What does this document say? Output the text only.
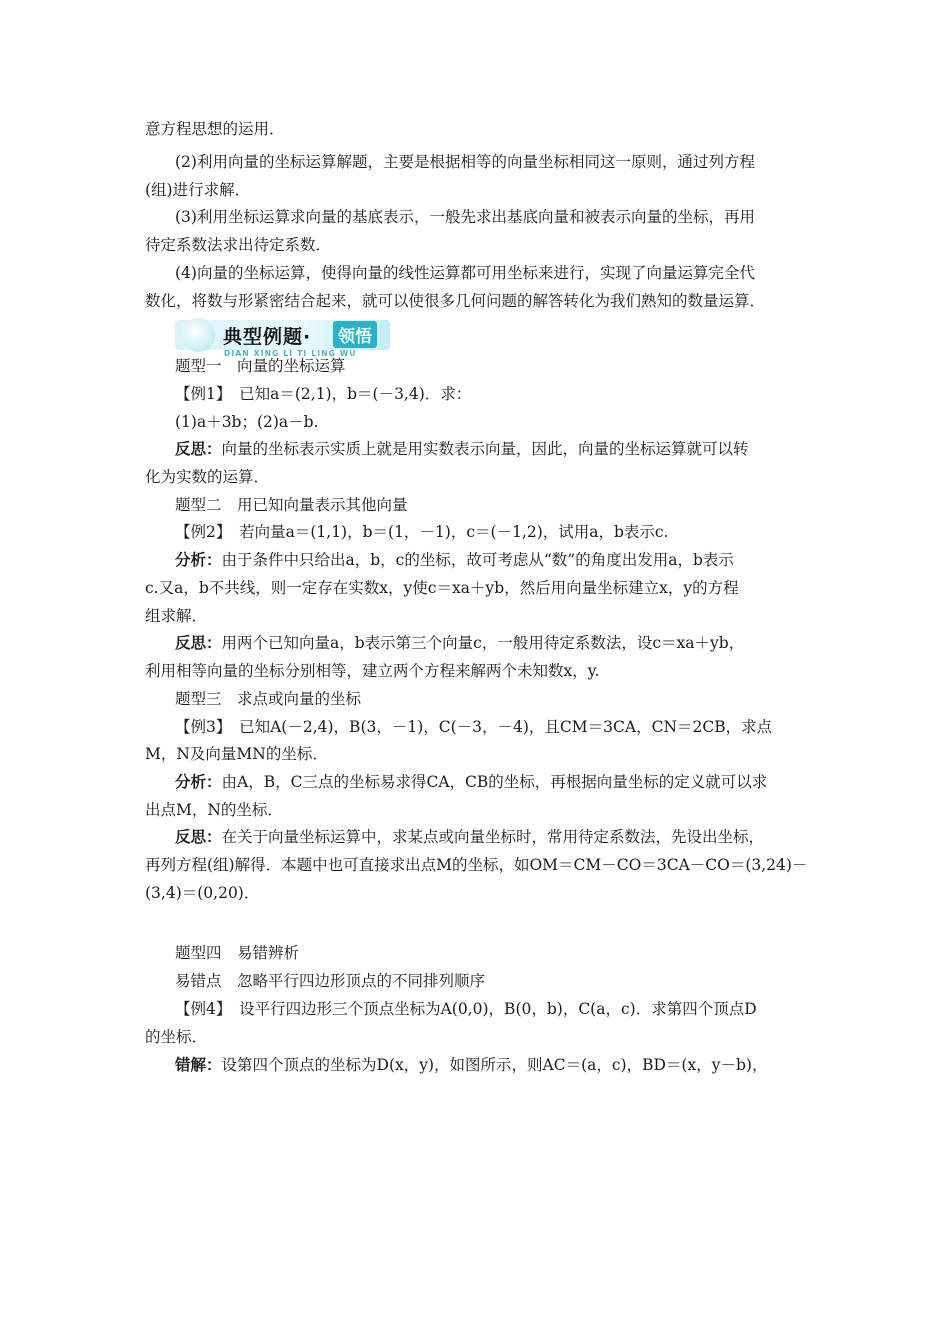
意方程思想的运用．
(2)利用向量的坐标运算解题，主要是根据相等的向量坐标相同这一原则，通过列方程
(组)进行求解．
(3)利用坐标运算求向量的基底表示，一般先求出基底向量和被表示向量的坐标，再用
待定系数法求出待定系数．
(4)向量的坐标运算，使得向量的线性运算都可用坐标来进行，实现了向量运算完全代
数化，将数与形紧密结合起来，就可以使很多几何问题的解答转化为我们熟知的数量运算．
典型例题· 领悟
DIAN XING LI TI LING WU
题型一　向量的坐标运算
【例1】　已知a＝(2,1)，b＝(－3,4)．求：
(1)a＋3b；(2)a－b.
反思：向量的坐标表示实质上就是用实数表示向量，因此，向量的坐标运算就可以转
化为实数的运算．
题型二　用已知向量表示其他向量
【例2】　若向量a＝(1,1)，b＝(1，－1)，c＝(－1,2)，试用a，b表示c.
分析：由于条件中只给出a，b，c的坐标，故可考虑从“数”的角度出发用a，b表示
c.又a，b不共线，则一定存在实数x，y使c＝xa＋yb，然后用向量坐标建立x，y的方程
组求解．
反思：用两个已知向量a，b表示第三个向量c，一般用待定系数法，设c＝xa＋yb，
利用相等向量的坐标分别相等，建立两个方程来解两个未知数x，y.
题型三　求点或向量的坐标
【例3】　已知A(－2,4)，B(3，－1)，C(－3，－4)，且CM＝3CA，CN＝2CB，求点
M，N及向量MN的坐标．
分析：由A，B，C三点的坐标易求得CA，CB的坐标，再根据向量坐标的定义就可以求
出点M，N的坐标．
反思：在关于向量坐标运算中，求某点或向量坐标时，常用待定系数法，先设出坐标，
再列方程(组)解得．本题中也可直接求出点M的坐标，如OM＝CM－CO＝3CA－CO＝(3,24)－
(3,4)＝(0,20)．
题型四　易错辨析
易错点　忽略平行四边形顶点的不同排列顺序
【例4】　设平行四边形三个顶点坐标为A(0,0)，B(0，b)，C(a，c)．求第四个顶点D
的坐标．
错解：设第四个顶点的坐标为D(x，y)，如图所示，则AC＝(a，c)，BD＝(x，y－b)，
